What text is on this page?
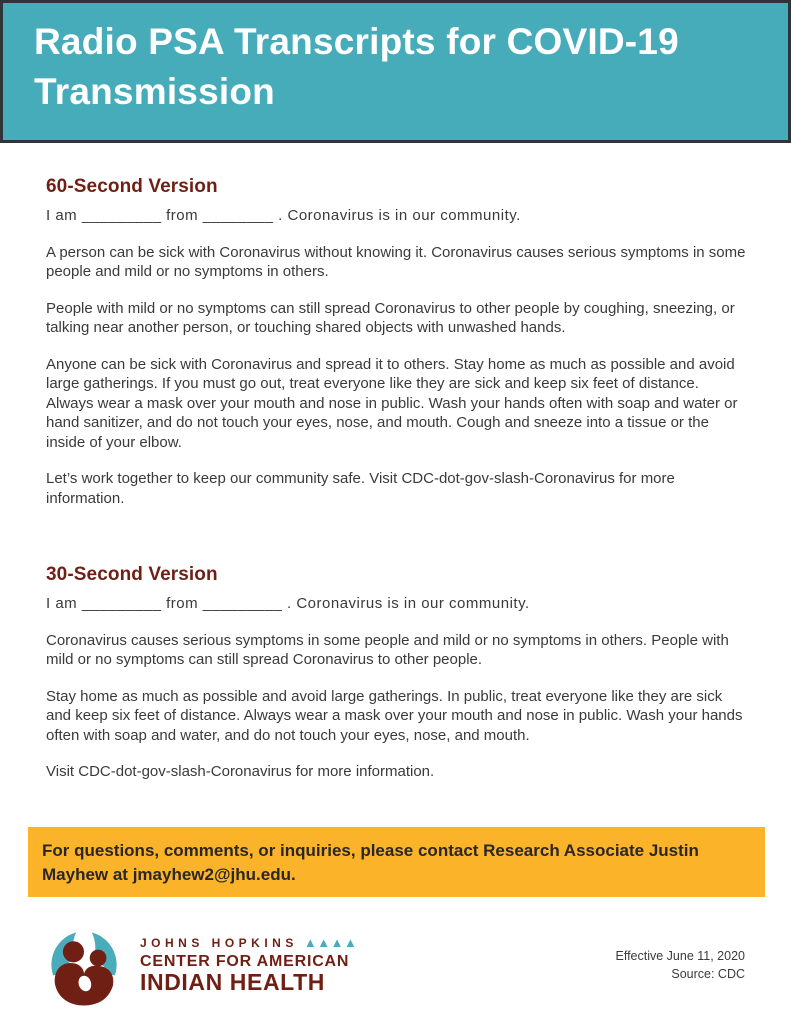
Radio PSA Transcripts for COVID-19
Transmission
60-Second Version

I am _________ from ________ . Coronavirus is in our community.

A person can be sick with Coronavirus without knowing it. Coronavirus causes serious symptoms in some people and mild or no symptoms in others.

People with mild or no symptoms can still spread Coronavirus to other people by coughing, sneezing, or talking near another person, or touching shared objects with unwashed hands.

Anyone can be sick with Coronavirus and spread it to others. Stay home as much as possible and avoid large gatherings. If you must go out, treat everyone like they are sick and keep six feet of distance. Always wear a mask over your mouth and nose in public. Wash your hands often with soap and water or hand sanitizer, and do not touch your eyes, nose, and mouth. Cough and sneeze into a tissue or the inside of your elbow.

Let’s work together to keep our community safe. Visit CDC-dot-gov-slash-Coronavirus for more information.

30-Second Version

I am _________ from _________ . Coronavirus is in our community.

Coronavirus causes serious symptoms in some people and mild or no symptoms in others. People with mild or no symptoms can still spread Coronavirus to other people.

Stay home as much as possible and avoid large gatherings. In public, treat everyone like they are sick and keep six feet of distance. Always wear a mask over your mouth and nose in public. Wash your hands often with soap and water, and do not touch your eyes, nose, and mouth.

Visit CDC-dot-gov-slash-Coronavirus for more information.

For questions, comments, or inquiries, please contact Research Associate Justin Mayhew at jmayhew2@jhu.edu.

JOHNS HOPKINS ▲▲▲▲
CENTER FOR AMERICAN
INDIAN HEALTH
Effective June 11, 2020
Source: CDC
